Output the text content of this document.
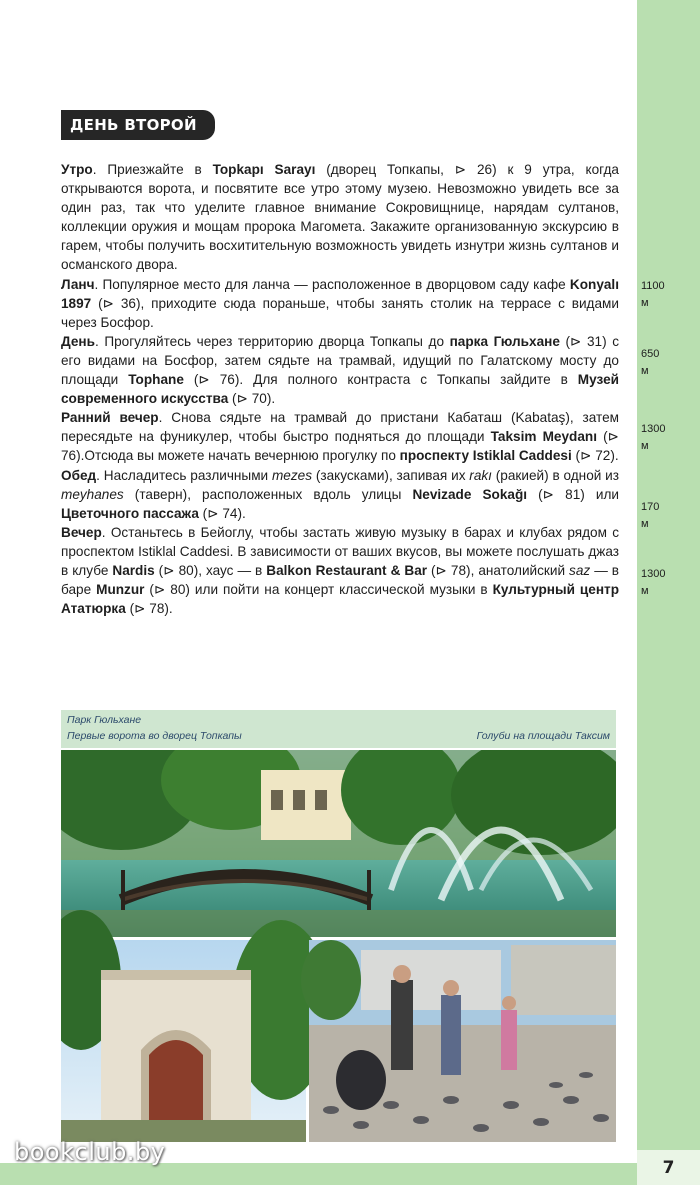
1100
м
650
м
1300
м
170
м
1300
м
ДЕНЬ ВТОРОЙ

Утро. Приезжайте в Topkapı Sarayı (дворец Топкапы, ⊳ 26) к 9 утра, когда открываются ворота, и посвятите все утро этому музею. Невозможно увидеть все за один раз, так что уделите главное внимание Сокровищнице, нарядам султанов, коллекции оружия и мощам пророка Магомета. Закажите организованную экскурсию в гарем, чтобы получить восхитительную возможность увидеть изнутри жизнь султанов и османского двора.

Ланч. Популярное место для ланча — расположенное в дворцовом саду кафе Konyalı 1897 (⊳ 36), приходите сюда пораньше, чтобы занять столик на террасе с видами через Босфор.

День. Прогуляйтесь через территорию дворца Топкапы до парка Гюльхане (⊳ 31) с его видами на Босфор, затем сядьте на трамвай, идущий по Галатскому мосту до площади Tophane (⊳ 76). Для полного контраста с Топкапы зайдите в Музей современного искусства (⊳ 70).

Ранний вечер. Снова сядьте на трамвай до пристани Кабаташ (Kabataş), затем пересядьте на фуникулер, чтобы быстро подняться до площади Taksim Meydanı (⊳ 76).Отсюда вы можете начать вечернюю прогулку по проспекту Istiklal Caddesi (⊳ 72).

Обед. Насладитесь различными mezes (закусками), запивая их rakı (ракией) в одной из meyhanes (таверн), расположенных вдоль улицы Nevizade Sokağı (⊳ 81) или Цветочного пассажа (⊳ 74).

Вечер. Останьтесь в Бейоглу, чтобы застать живую музыку в барах и клубах рядом с проспектом Istiklal Caddesi. В зависимости от ваших вкусов, вы можете послушать джаз в клубе Nardis (⊳ 80), хаус — в Balkon Restaurant & Bar (⊳ 78), анатолийский saz — в баре Munzur (⊳ 80) или пойти на концерт классической музыки в Культурный центр Ататюрка (⊳ 78).

Парк Гюльхане
Первые ворота во дворец Топкапы	Голуби на площади Таксим
7
bookclub.by
